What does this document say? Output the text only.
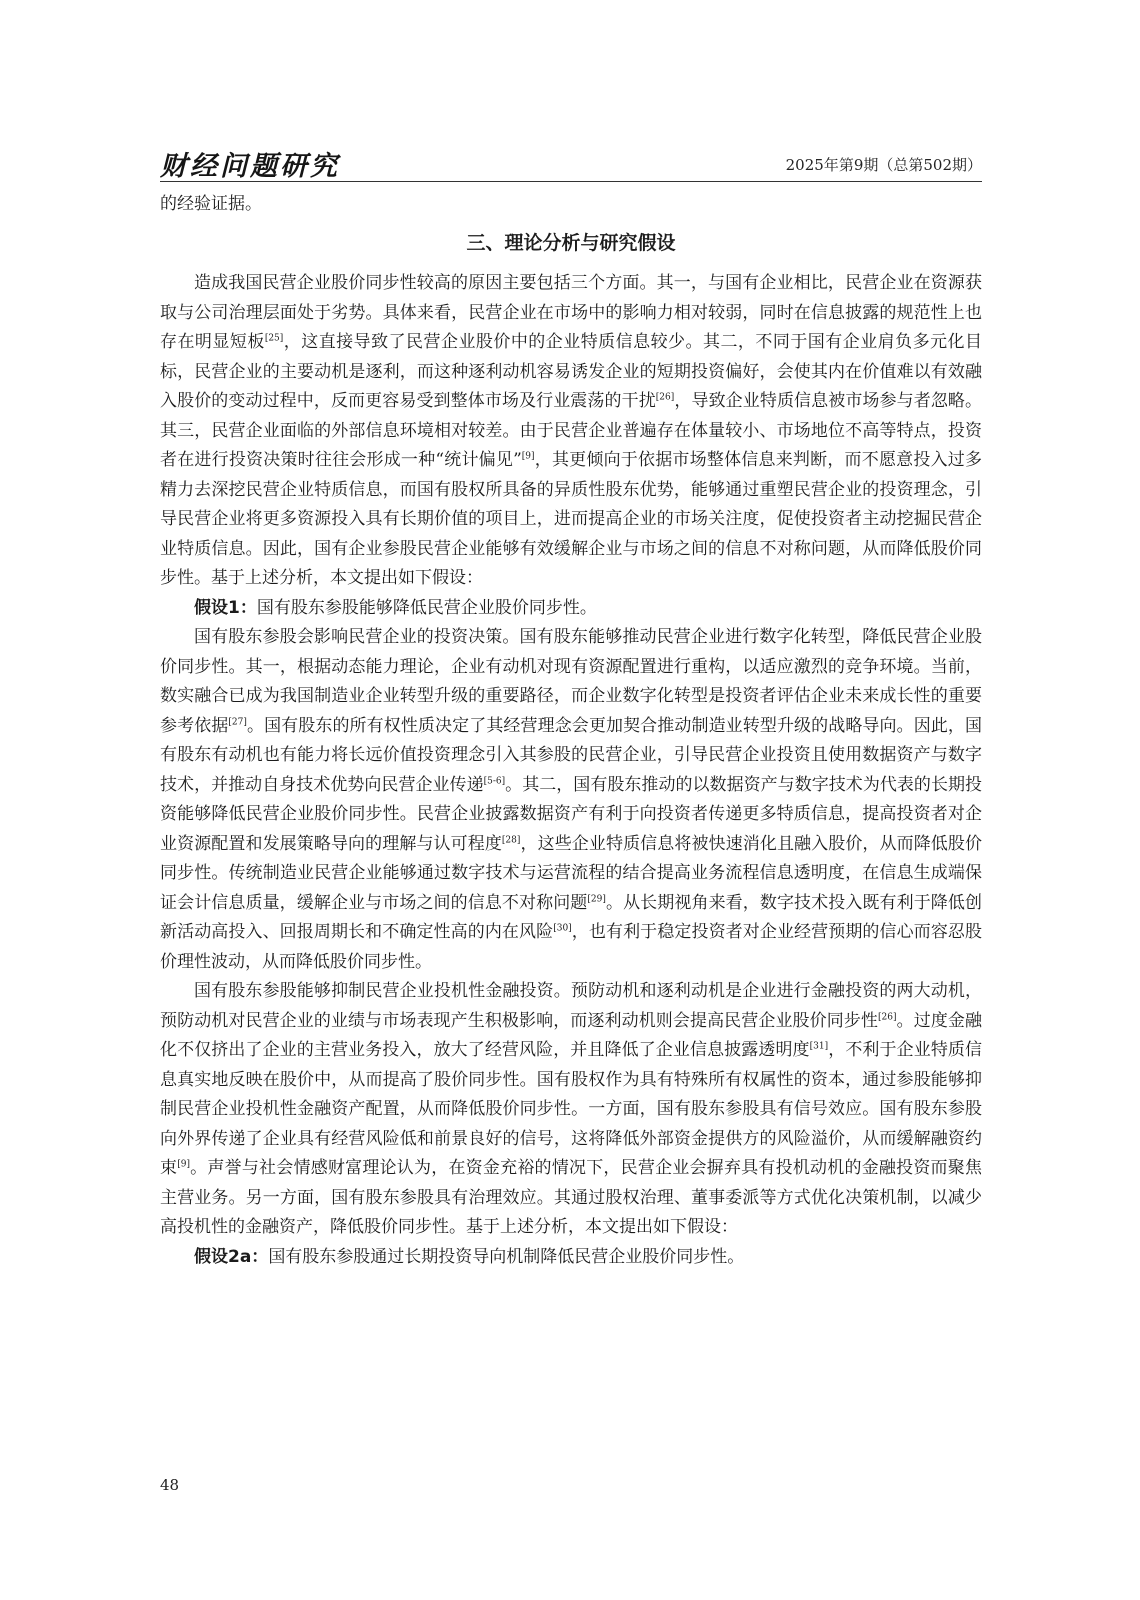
财经问题研究	2025年第9期（总第502期）

的经验证据。

三、理论分析与研究假设

造成我国民营企业股价同步性较高的原因主要包括三个方面。其一，与国有企业相比，民营企业在资源获取与公司治理层面处于劣势。具体来看，民营企业在市场中的影响力相对较弱，同时在信息披露的规范性上也存在明显短板[25]，这直接导致了民营企业股价中的企业特质信息较少。其二，不同于国有企业肩负多元化目标，民营企业的主要动机是逐利，而这种逐利动机容易诱发企业的短期投资偏好，会使其内在价值难以有效融入股价的变动过程中，反而更容易受到整体市场及行业震荡的干扰[26]，导致企业特质信息被市场参与者忽略。其三，民营企业面临的外部信息环境相对较差。由于民营企业普遍存在体量较小、市场地位不高等特点，投资者在进行投资决策时往往会形成一种“统计偏见”[9]，其更倾向于依据市场整体信息来判断，而不愿意投入过多精力去深挖民营企业特质信息，而国有股权所具备的异质性股东优势，能够通过重塑民营企业的投资理念，引导民营企业将更多资源投入具有长期价值的项目上，进而提高企业的市场关注度，促使投资者主动挖掘民营企业特质信息。因此，国有企业参股民营企业能够有效缓解企业与市场之间的信息不对称问题，从而降低股价同步性。基于上述分析，本文提出如下假设：

假设1：国有股东参股能够降低民营企业股价同步性。

国有股东参股会影响民营企业的投资决策。国有股东能够推动民营企业进行数字化转型，降低民营企业股价同步性。其一，根据动态能力理论，企业有动机对现有资源配置进行重构，以适应激烈的竞争环境。当前，数实融合已成为我国制造业企业转型升级的重要路径，而企业数字化转型是投资者评估企业未来成长性的重要参考依据[27]。国有股东的所有权性质决定了其经营理念会更加契合推动制造业转型升级的战略导向。因此，国有股东有动机也有能力将长远价值投资理念引入其参股的民营企业，引导民营企业投资且使用数据资产与数字技术，并推动自身技术优势向民营企业传递[5-6]。其二，国有股东推动的以数据资产与数字技术为代表的长期投资能够降低民营企业股价同步性。民营企业披露数据资产有利于向投资者传递更多特质信息，提高投资者对企业资源配置和发展策略导向的理解与认可程度[28]，这些企业特质信息将被快速消化且融入股价，从而降低股价同步性。传统制造业民营企业能够通过数字技术与运营流程的结合提高业务流程信息透明度，在信息生成端保证会计信息质量，缓解企业与市场之间的信息不对称问题[29]。从长期视角来看，数字技术投入既有利于降低创新活动高投入、回报周期长和不确定性高的内在风险[30]，也有利于稳定投资者对企业经营预期的信心而容忍股价理性波动，从而降低股价同步性。

国有股东参股能够抑制民营企业投机性金融投资。预防动机和逐利动机是企业进行金融投资的两大动机，预防动机对民营企业的业绩与市场表现产生积极影响，而逐利动机则会提高民营企业股价同步性[26]。过度金融化不仅挤出了企业的主营业务投入，放大了经营风险，并且降低了企业信息披露透明度[31]，不利于企业特质信息真实地反映在股价中，从而提高了股价同步性。国有股权作为具有特殊所有权属性的资本，通过参股能够抑制民营企业投机性金融资产配置，从而降低股价同步性。一方面，国有股东参股具有信号效应。国有股东参股向外界传递了企业具有经营风险低和前景良好的信号，这将降低外部资金提供方的风险溢价，从而缓解融资约束[9]。声誉与社会情感财富理论认为，在资金充裕的情况下，民营企业会摒弃具有投机动机的金融投资而聚焦主营业务。另一方面，国有股东参股具有治理效应。其通过股权治理、董事委派等方式优化决策机制，以减少高投机性的金融资产，降低股价同步性。基于上述分析，本文提出如下假设：

假设2a：国有股东参股通过长期投资导向机制降低民营企业股价同步性。

48
